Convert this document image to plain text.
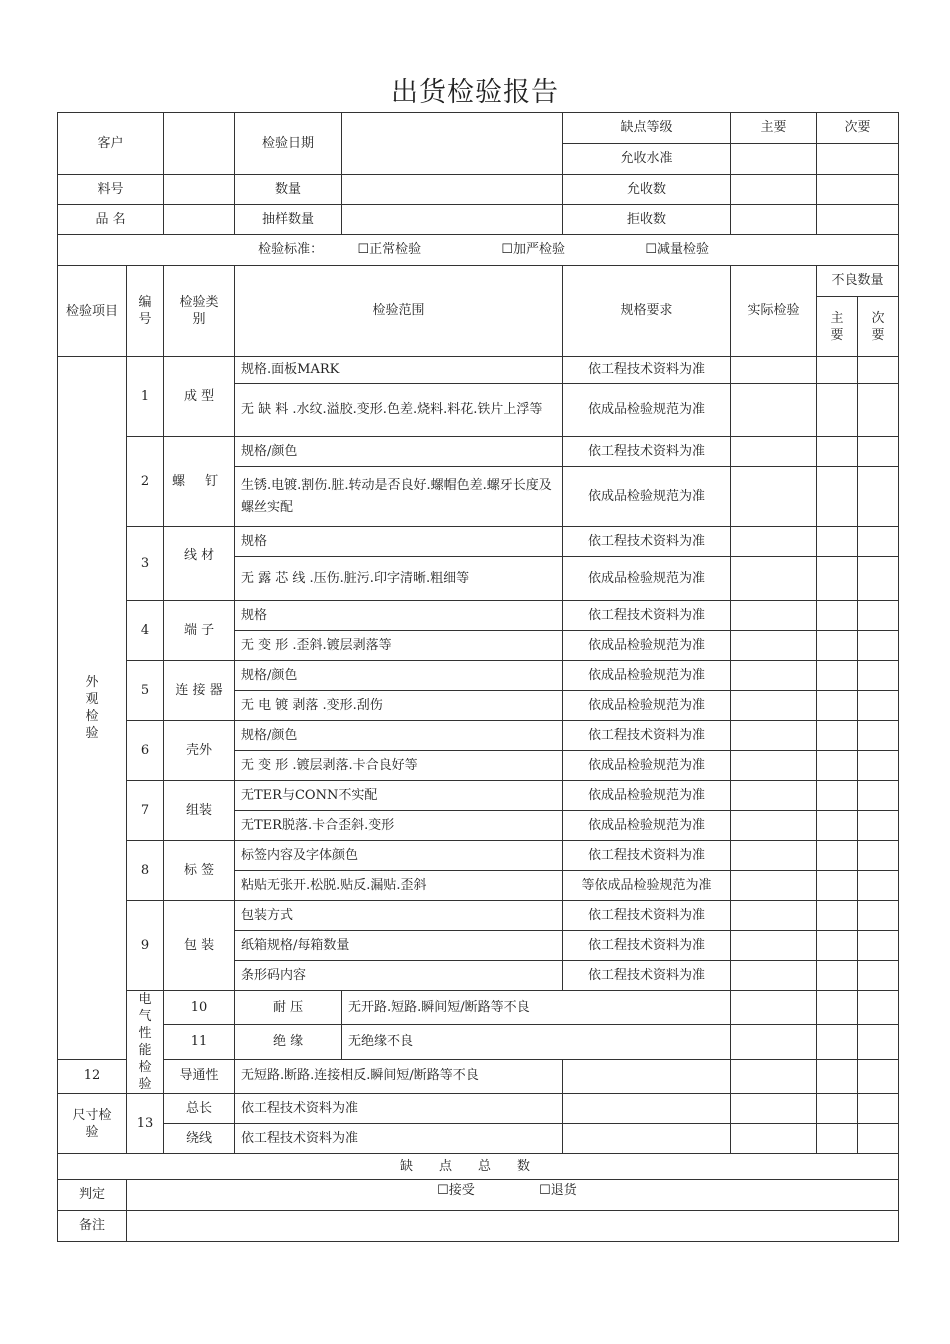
出货检验报告
客户			检验日期		缺点等级	主要	次要		
					允收水准				
料号			数量		允收数				
品 名			抽样数量		拒收数				
检验标准： ☐正常检验 ☐加严检验 ☐减量检验									
检验项目	编号	检验类别	检验范围		规格要求	实际检验	不良数量		
							主要	次要	
外观检验	1	成 型	规格.面板MARK		依工程技术资料为准				
			无 缺 料 .水纹.溢胶.变形.色差.烧料.料花.铁片上浮等		依成品检验规范为准				
	2	螺 钉	规格/颜色		依工程技术资料为准				
			生锈.电镀.割伤.脏.转动是否良好.螺帽色差.螺牙长度及螺丝实配		依成品检验规范为准				
	3	线 材	规格		依工程技术资料为准				
			无 露 芯 线 .压伤.脏污.印字清晰.粗细等		依成品检验规范为准				
	4	端 子	规格		依工程技术资料为准				
			无 变 形 .歪斜.镀层剥落等		依成品检验规范为准				
	5	连 接 器	规格/颜色		依成品检验规范为准				
			无 电 镀 剥落 .变形.刮伤		依成品检验规范为准				
	6	壳外	规格/颜色		依工程技术资料为准				
			无 变 形 .镀层剥落.卡合良好等		依成品检验规范为准				
	7	组装	无TER与CONN不实配		依成品检验规范为准				
			无TER脱落.卡合歪斜.变形		依成品检验规范为准				
	8	标 签	标签内容及字体颜色		依工程技术资料为准				
			粘贴无张开.松脱.贴反.漏贴.歪斜		等依成品检验规范为准				
	9	包 装	包装方式		依工程技术资料为准				
			纸箱规格/每箱数量		依工程技术资料为准				
			条形码内容		依工程技术资料为准				
	电气性能检验	10	耐 压	无开路.短路.瞬间短/断路等不良					
		11	绝 缘	无绝缘不良					
12		导通性	无短路.断路.连接相反.瞬间短/断路等不良						
尺寸检验	13	总长	依工程技术资料为准						
		绕线	依工程技术资料为准						
缺点总数									
判定	☐接受 ☐退货								
备注									
